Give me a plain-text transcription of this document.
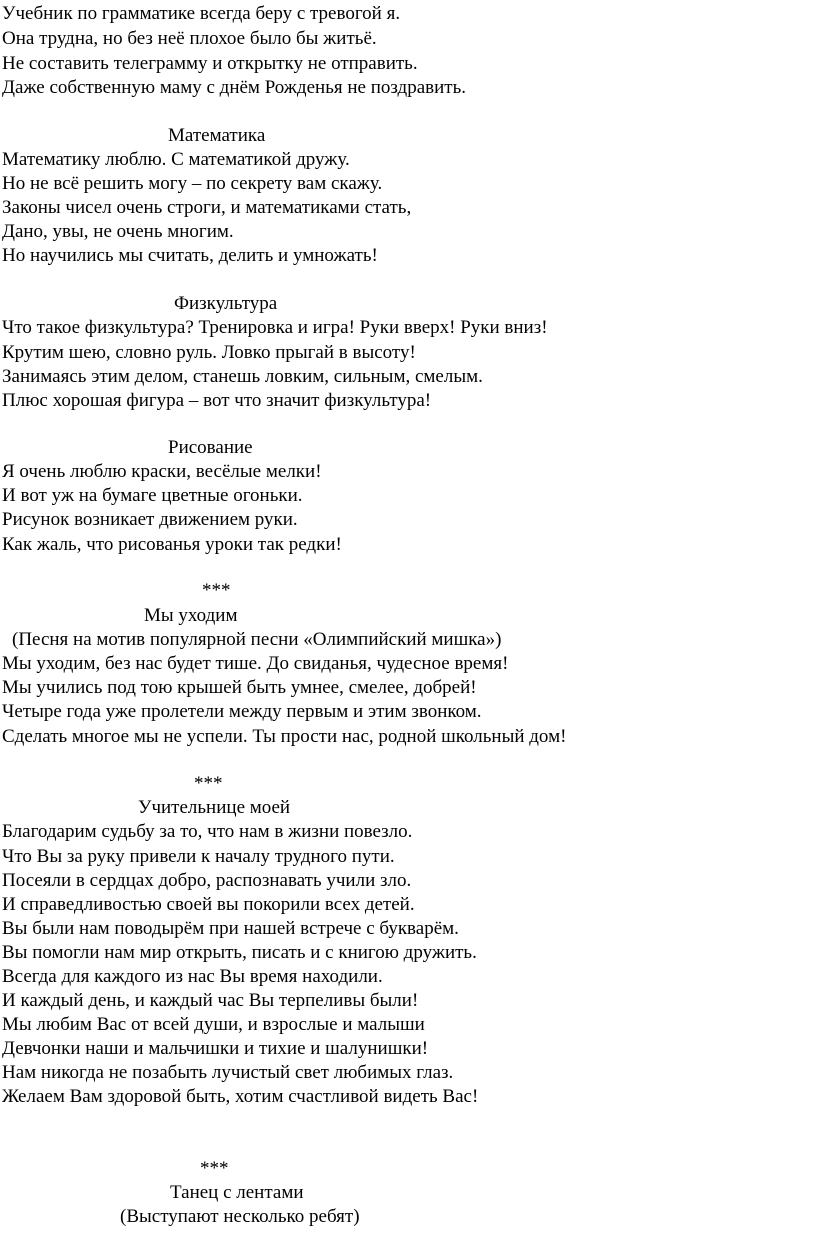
Учебник по грамматике всегда беру с тревогой я.
Она трудна, но без неё плохое было бы житьё.
Не составить телеграмму и открытку не отправить.
Даже собственную маму с днём Рожденья не поздравить.
Математика
Математику люблю. С математикой дружу.
Но не всё решить могу – по секрету вам скажу.
Законы чисел очень строги, и математиками стать,
Дано, увы, не очень многим.
Но научились мы считать, делить и умножать!
Физкультура
Что такое физкультура? Тренировка и игра! Руки вверх! Руки вниз!
Крутим шею, словно руль. Ловко прыгай в высоту!
Занимаясь этим делом, станешь ловким, сильным, смелым.
Плюс хорошая фигура – вот что значит физкультура!
Рисование
Я очень люблю краски, весёлые мелки!
И вот уж на бумаге цветные огоньки.
Рисунок возникает движением руки.
Как жаль, что рисованья уроки так редки!
***
Мы уходим
(Песня на мотив популярной песни «Олимпийский мишка»)
Мы уходим, без нас будет тише. До свиданья, чудесное время!
Мы учились под тою крышей быть умнее, смелее, добрей!
Четыре года уже пролетели между первым и этим звонком.
Сделать многое мы не успели. Ты прости нас, родной школьный дом!
***
Учительнице моей
Благодарим судьбу за то, что нам в жизни повезло.
Что Вы за руку привели к началу трудного пути.
Посеяли в сердцах добро, распознавать учили зло.
И справедливостью своей вы покорили всех детей.
Вы были нам поводырём при нашей встрече с букварём.
Вы помогли нам мир открыть, писать и с книгою дружить.
Всегда для каждого из нас Вы время находили.
И каждый день, и каждый час Вы терпеливы были!
Мы любим Вас от всей души, и взрослые и малыши
Девчонки наши и мальчишки и тихие и шалунишки!
Нам никогда не позабыть лучистый свет любимых глаз.
Желаем Вам здоровой быть, хотим счастливой видеть Вас!
***
Танец с лентами
(Выступают несколько ребят)
